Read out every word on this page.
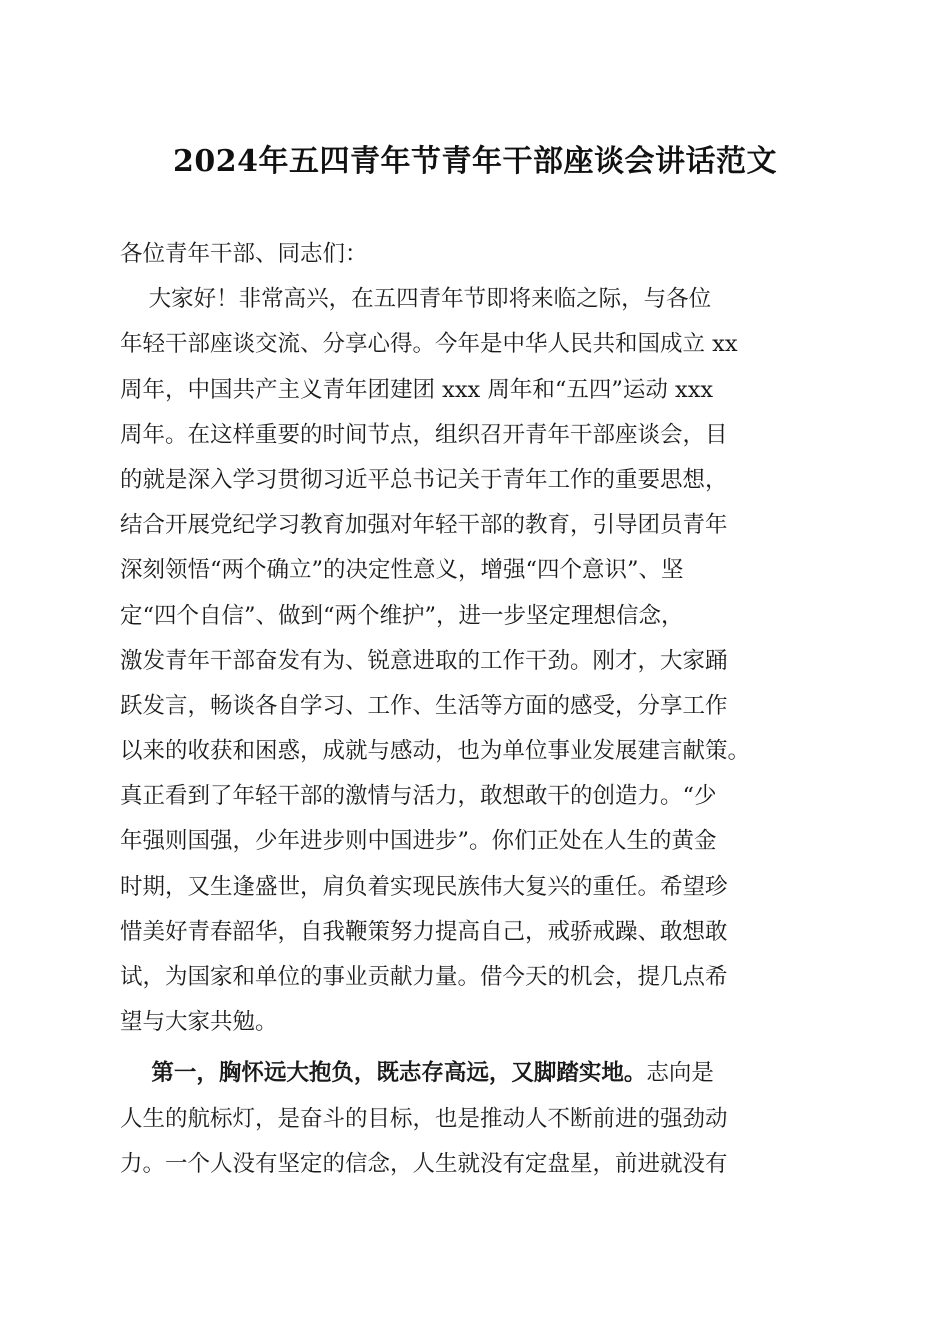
2024年五四青年节青年干部座谈会讲话范文
各位青年干部、同志们：
大家好！非常高兴，在五四青年节即将来临之际，与各位
年轻干部座谈交流、分享心得。今年是中华人民共和国成立 xx
周年，中国共产主义青年团建团 xxx 周年和“五四”运动 xxx
周年。在这样重要的时间节点，组织召开青年干部座谈会，目
的就是深入学习贯彻习近平总书记关于青年工作的重要思想，
结合开展党纪学习教育加强对年轻干部的教育，引导团员青年
深刻领悟“两个确立”的决定性意义，增强“四个意识”、坚
定“四个自信”、做到“两个维护”，进一步坚定理想信念，
激发青年干部奋发有为、锐意进取的工作干劲。刚才，大家踊
跃发言，畅谈各自学习、工作、生活等方面的感受，分享工作
以来的收获和困惑，成就与感动，也为单位事业发展建言献策。
真正看到了年轻干部的激情与活力，敢想敢干的创造力。“少
年强则国强，少年进步则中国进步”。你们正处在人生的黄金
时期，又生逢盛世，肩负着实现民族伟大复兴的重任。希望珍
惜美好青春韶华，自我鞭策努力提高自己，戒骄戒躁、敢想敢
试，为国家和单位的事业贡献力量。借今天的机会，提几点希
望与大家共勉。
第一，胸怀远大抱负，既志存高远，又脚踏实地。志向是
人生的航标灯，是奋斗的目标，也是推动人不断前进的强劲动
力。一个人没有坚定的信念，人生就没有定盘星，前进就没有
